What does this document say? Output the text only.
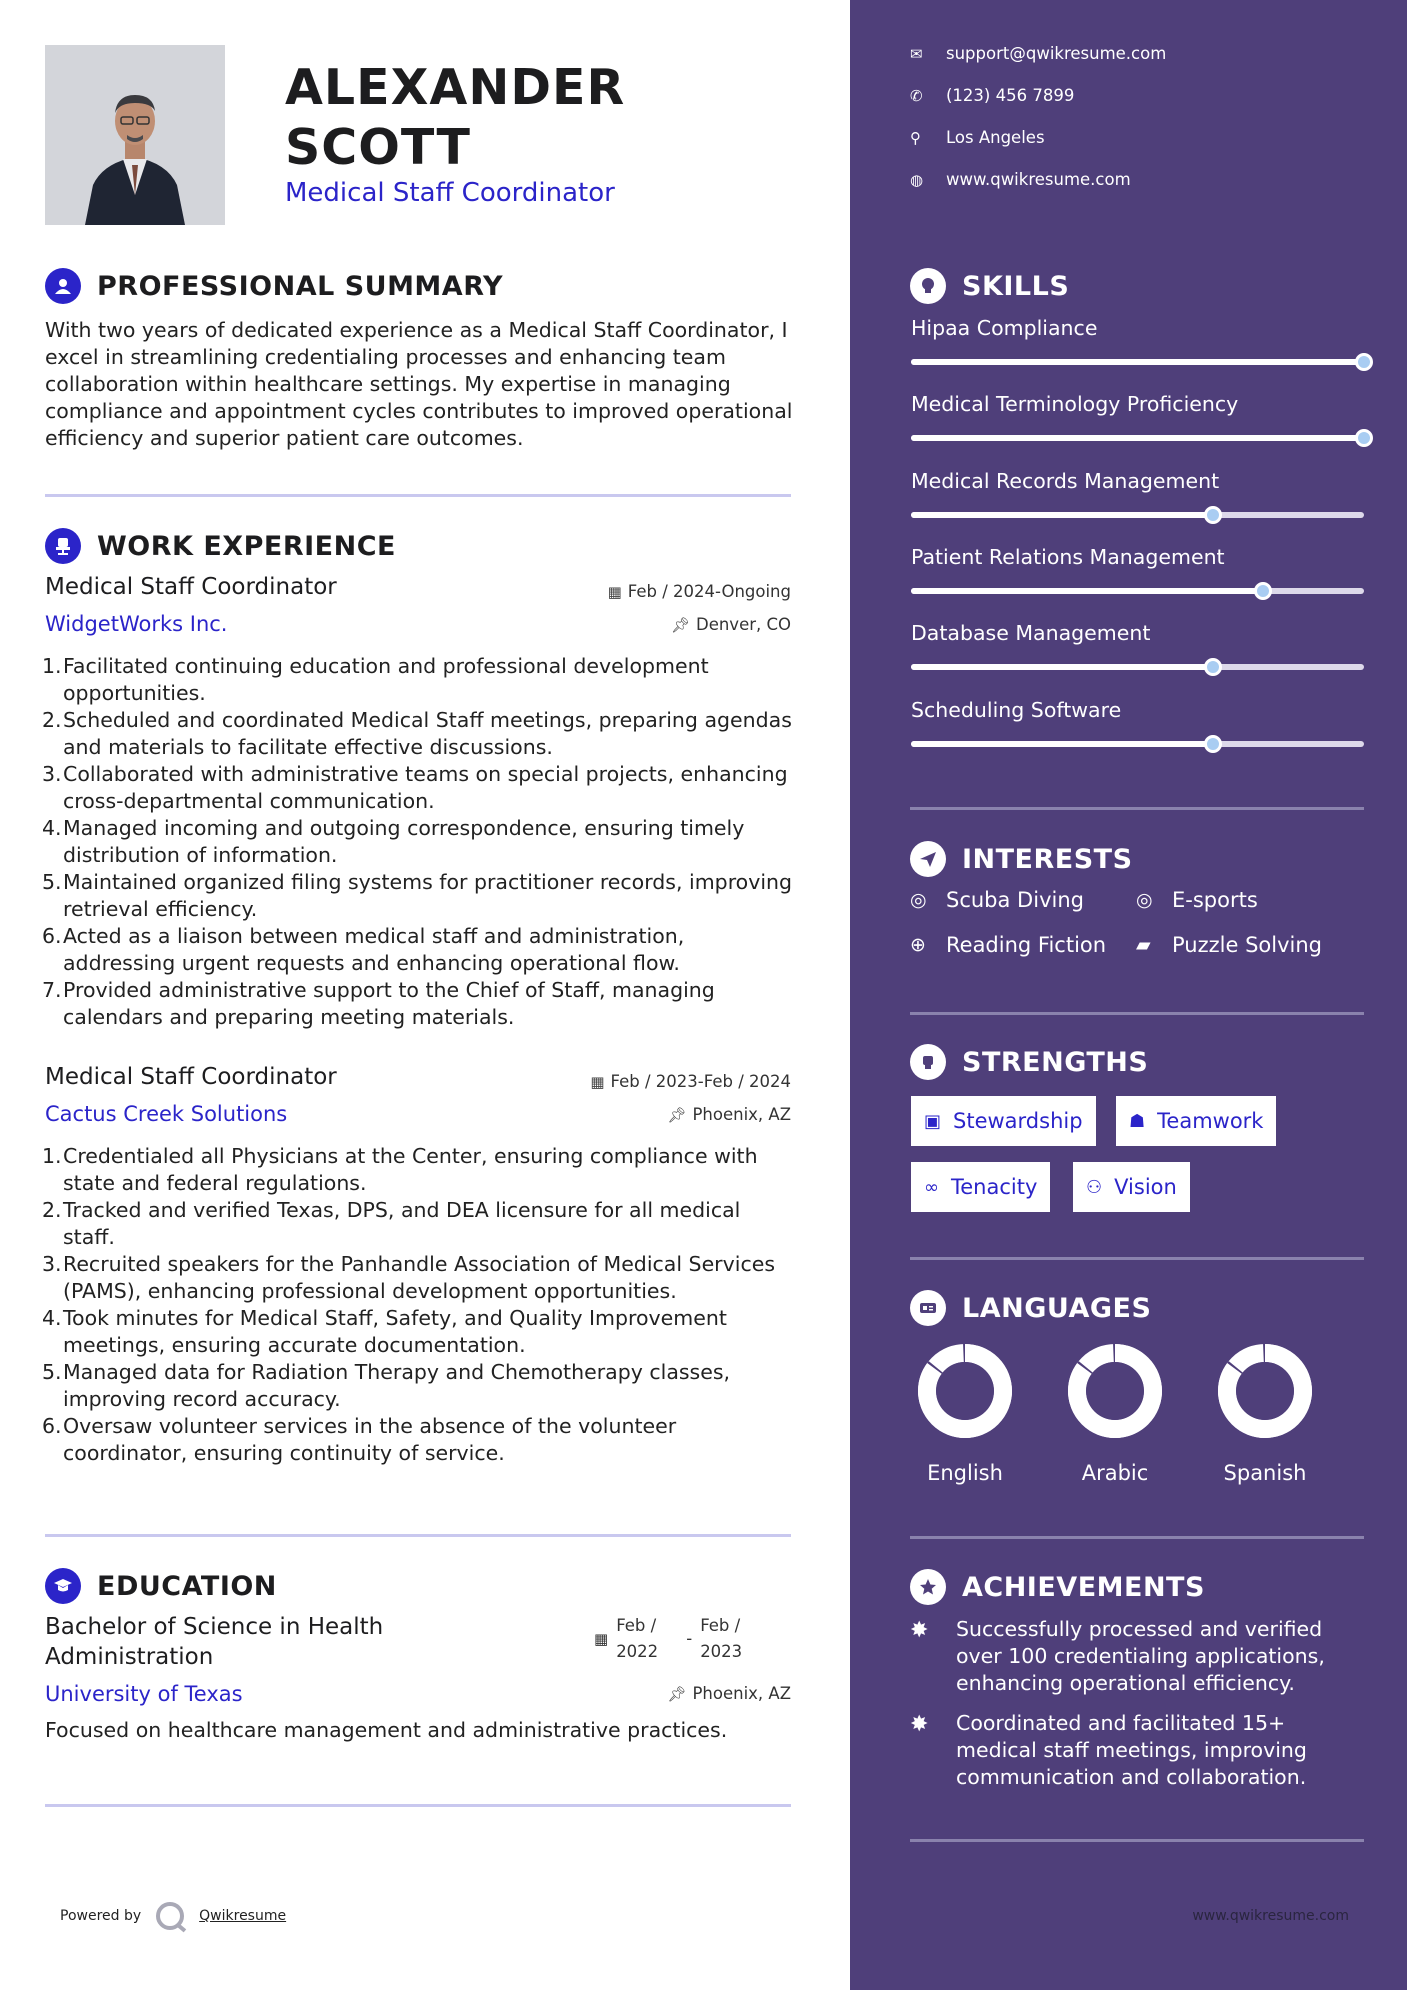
ALEXANDER
SCOTT
Medical Staff Coordinator
PROFESSIONAL SUMMARY
With two years of dedicated experience as a Medical Staff Coordinator, I excel in streamlining credentialing processes and enhancing team collaboration within healthcare settings. My expertise in managing compliance and appointment cycles contributes to improved operational efficiency and superior patient care outcomes.
WORK EXPERIENCE
Medical Staff Coordinator	▦ Feb / 2024-Ongoing
WidgetWorks Inc.	📌︎ Denver, CO
Facilitated continuing education and professional development opportunities.
Scheduled and coordinated Medical Staff meetings, preparing agendas and materials to facilitate effective discussions.
Collaborated with administrative teams on special projects, enhancing cross-departmental communication.
Managed incoming and outgoing correspondence, ensuring timely distribution of information.
Maintained organized filing systems for practitioner records, improving retrieval efficiency.
Acted as a liaison between medical staff and administration, addressing urgent requests and enhancing operational flow.
Provided administrative support to the Chief of Staff, managing calendars and preparing meeting materials.
Medical Staff Coordinator	▦ Feb / 2023-Feb / 2024
Cactus Creek Solutions	📌︎ Phoenix, AZ
Credentialed all Physicians at the Center, ensuring compliance with state and federal regulations.
Tracked and verified Texas, DPS, and DEA licensure for all medical staff.
Recruited speakers for the Panhandle Association of Medical Services (PAMS), enhancing professional development opportunities.
Took minutes for Medical Staff, Safety, and Quality Improvement meetings, ensuring accurate documentation.
Managed data for Radiation Therapy and Chemotherapy classes, improving record accuracy.
Oversaw volunteer services in the absence of the volunteer coordinator, ensuring continuity of service.
EDUCATION
Bachelor of Science in Health Administration
▦
Feb /
2022
-
Feb /
2023
University of Texas	📌︎ Phoenix, AZ
Focused on healthcare management and administrative practices.
Powered by	Qwikresume
✉	support@qwikresume.com
✆	(123) 456 7899
⚲	Los Angeles
◍	www.qwikresume.com
SKILLS
Hipaa Compliance
Medical Terminology Proficiency
Medical Records Management
Patient Relations Management
Database Management
Scheduling Software
INTERESTS
◎ Scuba Diving	◎ E-sports
⊕ Reading Fiction ▰	Puzzle Solving
STRENGTHS
▣ Stewardship	☗ Teamwork
∞ Tenacity	⚇ Vision
LANGUAGES
English	Arabic	Spanish
ACHIEVEMENTS
✸	Successfully processed and verified over 100 credentialing applications, enhancing operational efficiency.
✸	Coordinated and facilitated 15+ medical staff meetings, improving communication and collaboration.
www.qwikresume.com
